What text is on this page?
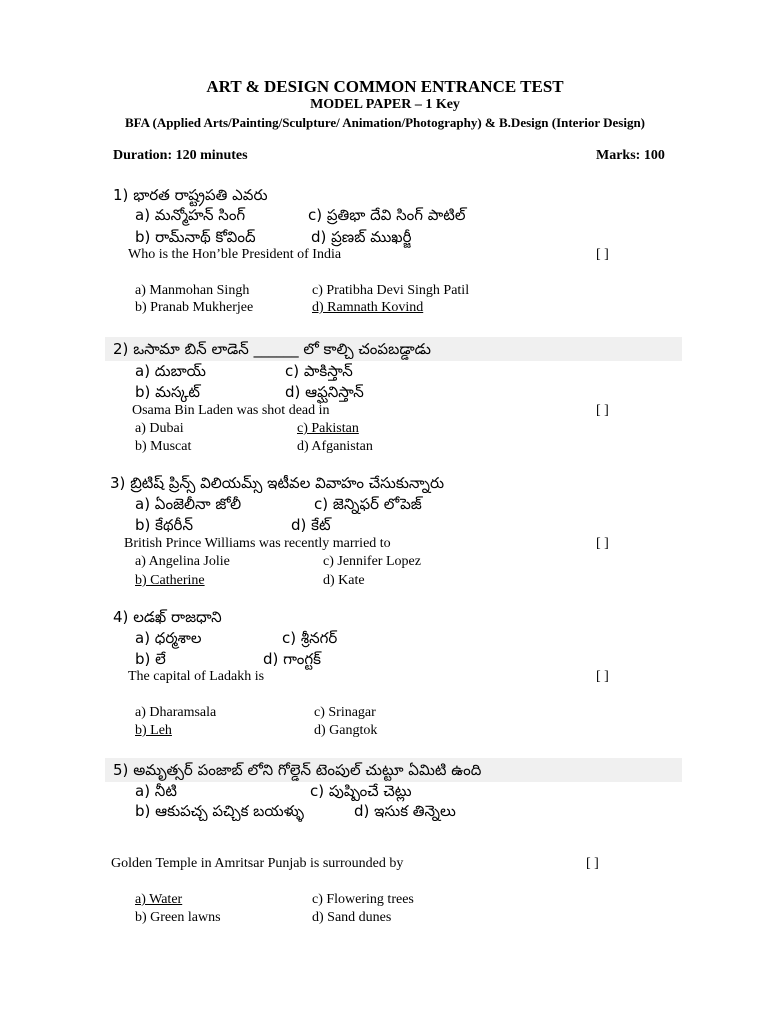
ART & DESIGN COMMON ENTRANCE TEST
MODEL PAPER – 1 Key
BFA (Applied Arts/Painting/Sculpture/ Animation/Photography) & B.Design (Interior Design)
Duration: 120 minutes	Marks: 100
1) భారత రాష్ట్రపతి ఎవరు
a) మన్మోహన్ సింగ్	c) ప్రతిభా దేవి సింగ్ పాటిల్
b) రామ్‌నాథ్ కోవింద్	d) ప్రణబ్ ముఖర్జీ
Who is the Hon’ble President of India	[ ]
a) Manmohan Singh	c) Pratibha Devi Singh Patil
b) Pranab Mukherjee	d) Ramnath Kovind
2) ఒసామా బిన్ లాడెన్ ______ లో కాల్చి చంపబడ్డాడు
a) దుబాయ్	c) పాకిస్తాన్
b) మస్కట్	d) ఆఫ్ఘనిస్తాన్
Osama Bin Laden was shot dead in	[ ]
a) Dubai	c) Pakistan
b) Muscat	d) Afganistan
3) బ్రిటిష్ ప్రిన్స్ విలియమ్స్ ఇటీవల వివాహం చేసుకున్నారు
a) ఏంజెలీనా జోలీ	c) జెన్నిఫర్ లోపెజ్
b) కేథరీన్	d) కేట్
British Prince Williams was recently married to	[ ]
a) Angelina Jolie	c) Jennifer Lopez
b) Catherine	d) Kate
4) లడఖ్ రాజధాని
a) ధర్మశాల	c) శ్రీనగర్
b) లే	d) గాంగ్టక్
The capital of Ladakh is	[ ]
a) Dharamsala	c) Srinagar
b) Leh	d) Gangtok
5) అమృత్సర్ పంజాబ్ లోని గోల్డెన్ టెంపుల్ చుట్టూ ఏమిటి ఉంది
a) నీటి	c) పుష్పించే చెట్లు
b) ఆకుపచ్చ పచ్చిక బయళ్ళు	d) ఇసుక తిన్నెలు
Golden Temple in Amritsar Punjab is surrounded by	[ ]
a) Water	c) Flowering trees
b) Green lawns	d) Sand dunes
